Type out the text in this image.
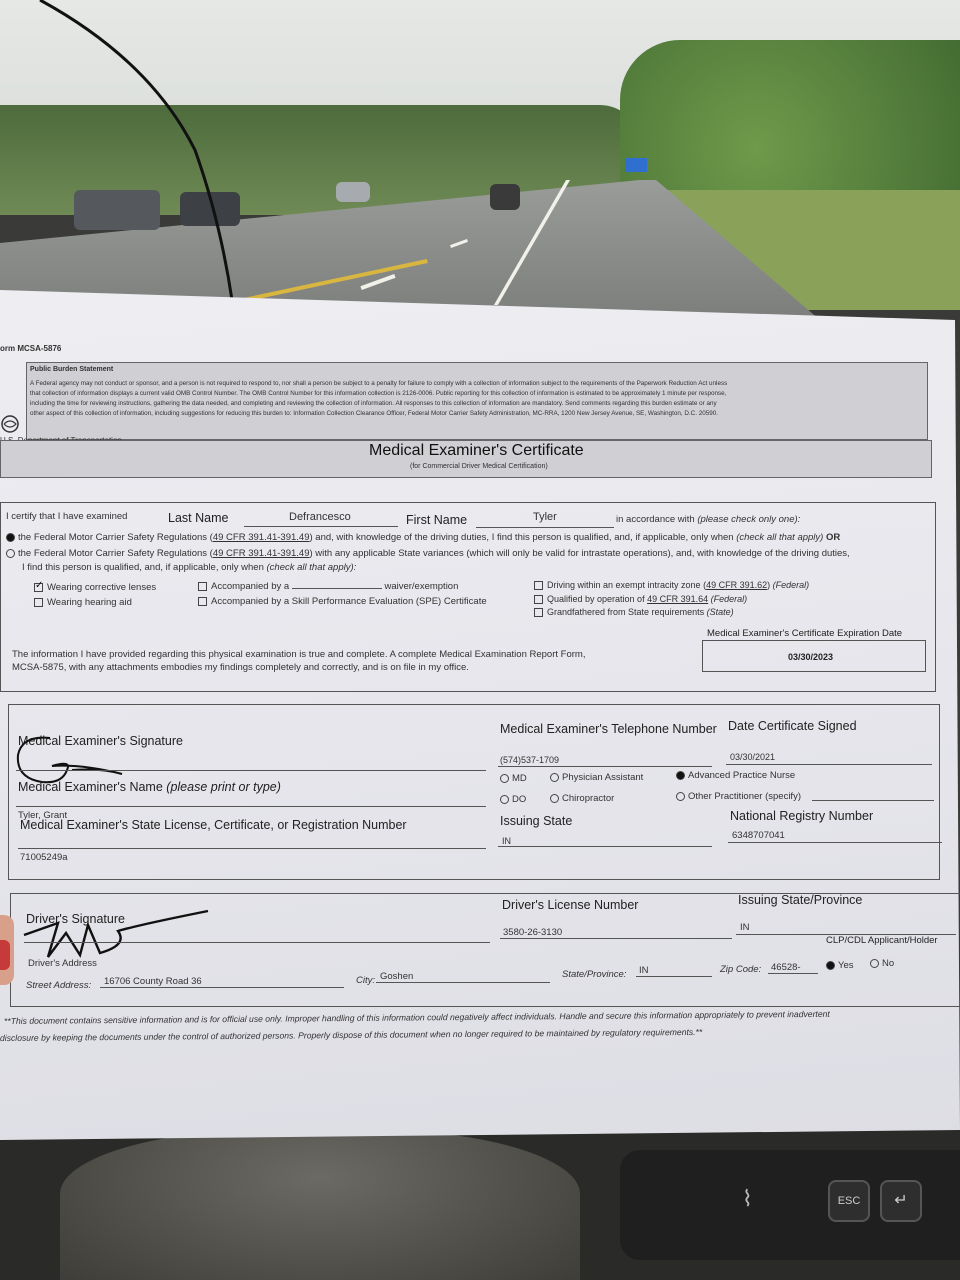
⌇	ESC	↵
orm MCSA-5876
Public Burden Statement
A Federal agency may not conduct or sponsor, and a person is not required to respond to, nor shall a person be subject to a penalty for failure to comply with a collection of information subject to the requirements of the Paperwork Reduction Act unless
that collection of information displays a current valid OMB Control Number. The OMB Control Number for this information collection is 2126-0006. Public reporting for this collection of information is estimated to be approximately 1 minute per response,
including the time for reviewing instructions, gathering the data needed, and completing and reviewing the collection of information. All responses to this collection of information are mandatory. Send comments regarding this burden estimate or any
other aspect of this collection of information, including suggestions for reducing this burden to: Information Collection Clearance Officer, Federal Motor Carrier Safety Administration, MC-RRA, 1200 New Jersey Avenue, SE, Washington, D.C. 20590.
Medical Examiner's Certificate
(for Commercial Driver Medical Certification)
I certify that I have examined	Last Name	Defrancesco	First Name	Tyler	in accordance with (please check only one):
the Federal Motor Carrier Safety Regulations (49 CFR 391.41-391.49) and, with knowledge of the driving duties, I find this person is qualified, and, if applicable, only when (check all that apply) OR
the Federal Motor Carrier Safety Regulations (49 CFR 391.41-391.49) with any applicable State variances (which will only be valid for intrastate operations), and, with knowledge of the driving duties,
I find this person is qualified, and, if applicable, only when (check all that apply):
✓Wearing corrective lenses
Wearing hearing aid
Accompanied by a	waiver/exemption
Accompanied by a Skill Performance Evaluation (SPE) Certificate
Driving within an exempt intracity zone (49 CFR 391.62) (Federal)
Qualified by operation of 49 CFR 391.64 (Federal)
Grandfathered from State requirements (State)
Medical Examiner's Certificate Expiration Date
03/30/2023
The information I have provided regarding this physical examination is true and complete. A complete Medical Examination Report Form,
MCSA-5875, with any attachments embodies my findings completely and correctly, and is on file in my office.
Medical Examiner's Signature
Medical Examiner's Telephone Number
(574)537-1709
Date Certificate Signed
03/30/2021
Medical Examiner's Name (please print or type)
Tyler, Grant
MD
DO
Physician Assistant
Chiropractor
Advanced Practice Nurse
Other Practitioner (specify)
Medical Examiner's State License, Certificate, or Registration Number
71005249a
Issuing State
IN
National Registry Number
6348707041
Driver's Signature
Driver's Address
Driver's License Number
3580-26-3130
Issuing State/Province
IN
CLP/CDL Applicant/Holder
Street Address: 16706 County Road 36	City: Goshen	State/Province: IN	Zip Code: 46528-	Yes	No
**This document contains sensitive information and is for official use only. Improper handling of this information could negatively affect individuals. Handle and secure this information appropriately to prevent inadvertent
disclosure by keeping the documents under the control of authorized persons. Properly dispose of this document when no longer required to be maintained by regulatory requirements.**
